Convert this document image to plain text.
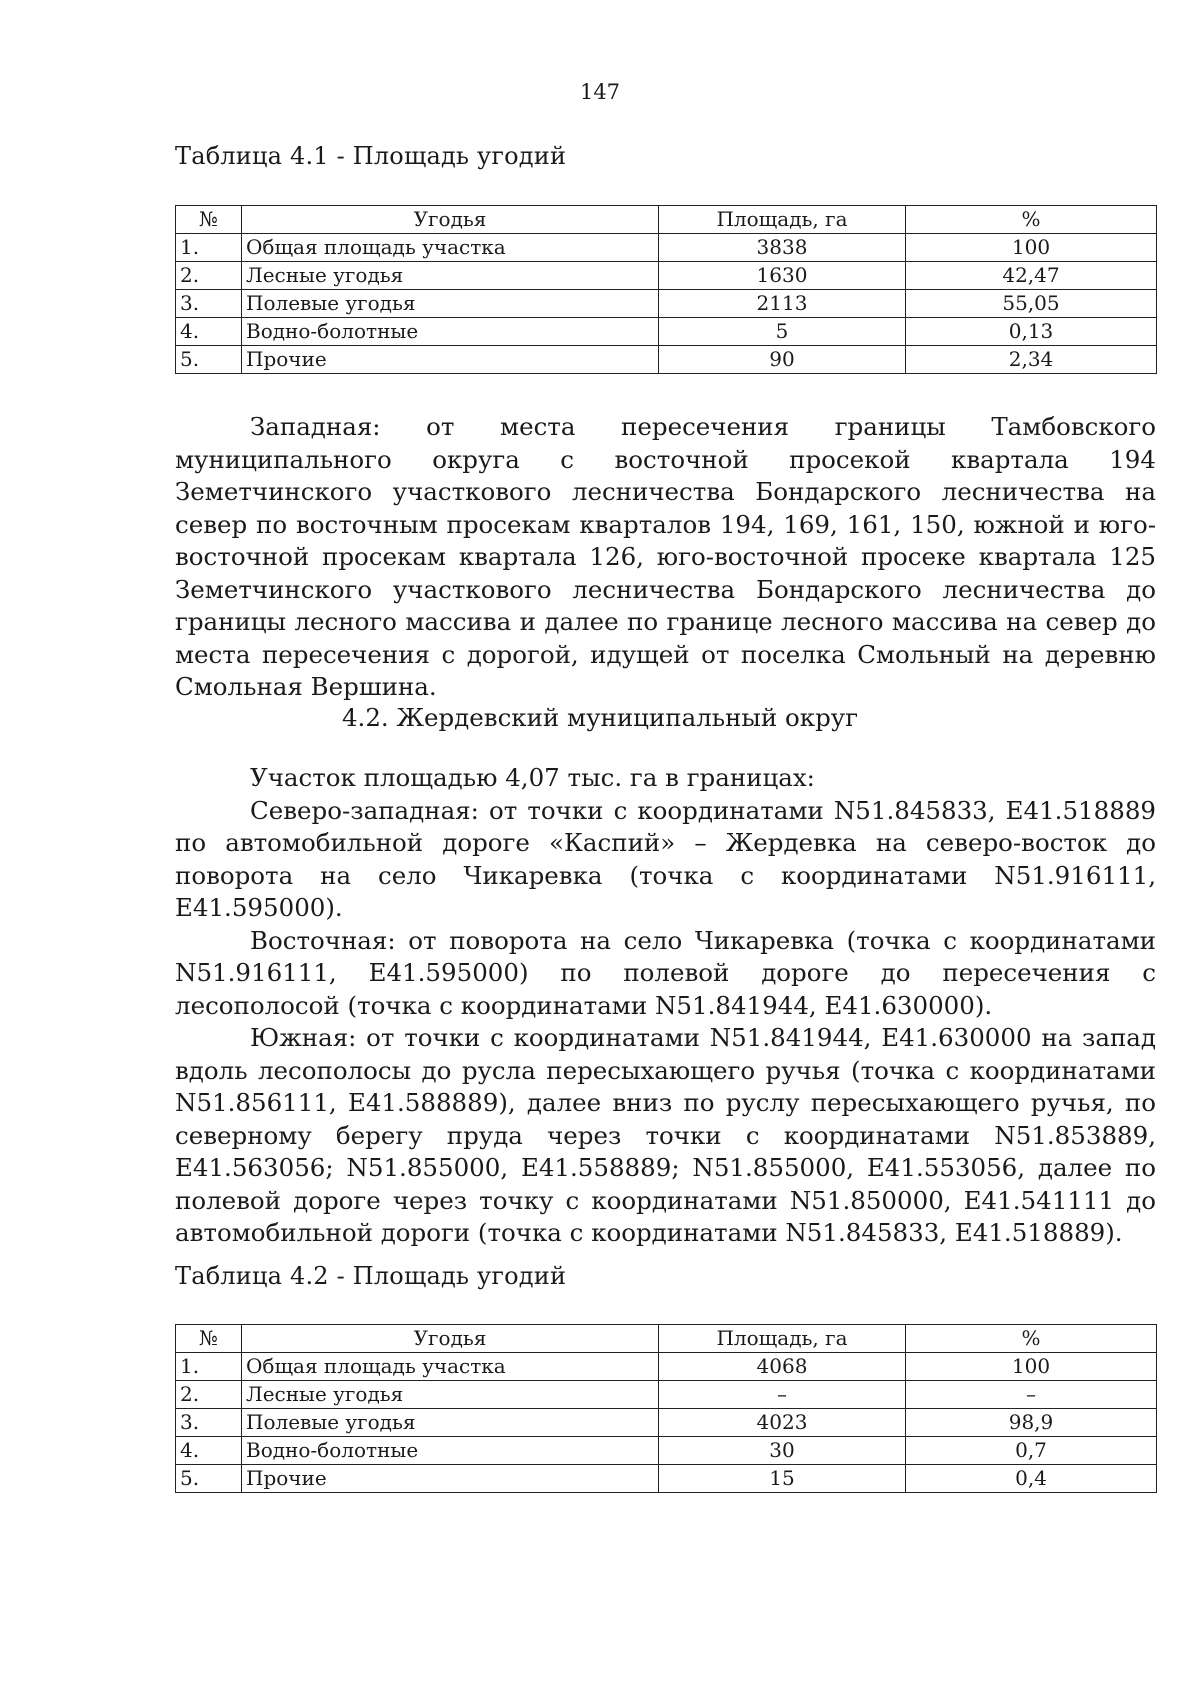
147
Таблица 4.1 - Площадь угодий
№	Угодья	Площадь, га	%
1.	Общая площадь участка	3838	100
2.	Лесные угодья	1630	42,47
3.	Полевые угодья	2113	55,05
4.	Водно-болотные	5	0,13
5.	Прочие	90	2,34

Западная: от места пересечения границы Тамбовского муниципального округа с восточной просекой квартала 194 Земетчинского участкового лесничества Бондарского лесничества на север по восточным просекам кварталов 194, 169, 161, 150, южной и юго-восточной просекам квартала 126, юго-восточной просеке квартала 125 Земетчинского участкового лесничества Бондарского лесничества до границы лесного массива и далее по границе лесного массива на север до места пересечения с дорогой, идущей от поселка Смольный на деревню Смольная Вершина.

4.2. Жердевский муниципальный округ

Участок площадью 4,07 тыс. га в границах:

Северо-западная: от точки с координатами N51.845833, E41.518889 по автомобильной дороге «Каспий» – Жердевка на северо-восток до поворота на село Чикаревка (точка с координатами N51.916111, E41.595000).

Восточная: от поворота на село Чикаревка (точка с координатами N51.916111, E41.595000) по полевой дороге до пересечения с лесополосой (точка с координатами N51.841944, E41.630000).

Южная: от точки с координатами N51.841944, E41.630000 на запад вдоль лесополосы до русла пересыхающего ручья (точка с координатами N51.856111, E41.588889), далее вниз по руслу пересыхающего ручья, по северному берегу пруда через точки с координатами N51.853889, E41.563056; N51.855000, E41.558889; N51.855000, E41.553056, далее по полевой дороге через точку с координатами N51.850000, E41.541111 до автомобильной дороги (точка с координатами N51.845833, E41.518889).

Таблица 4.2 - Площадь угодий
№	Угодья	Площадь, га	%
1.	Общая площадь участка	4068	100
2.	Лесные угодья	–	–
3.	Полевые угодья	4023	98,9
4.	Водно-болотные	30	0,7
5.	Прочие	15	0,4
